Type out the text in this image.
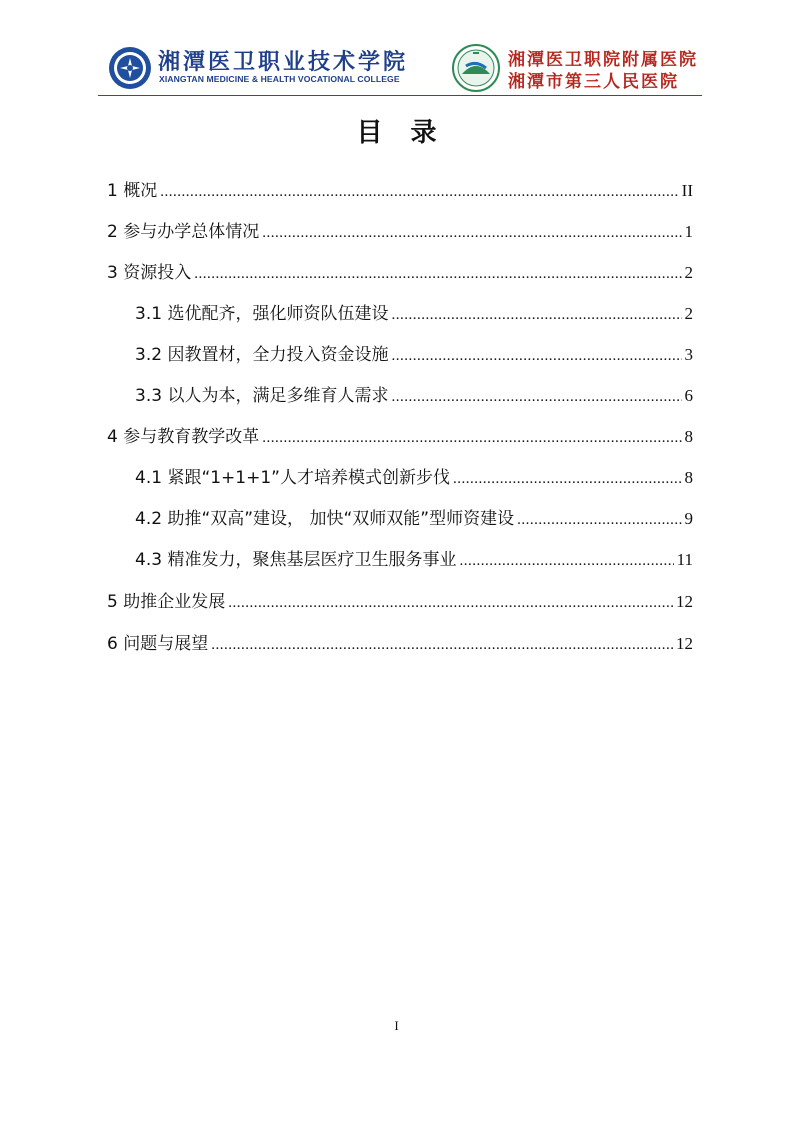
湘潭医卫职业技术学院
XIANGTAN MEDICINE & HEALTH VOCATIONAL COLLEGE
湘潭医卫职院附属医院
湘潭市第三人民医院
目 录
1 概况 .....	II
2 参与办学总体情况 .....	1
3 资源投入 .....	2
3.1 选优配齐，强化师资队伍建设 .....	2
3.2 因教置材，全力投入资金设施 .....	3
3.3 以人为本，满足多维育人需求 .....	6
4 参与教育教学改革 .....	8
4.1 紧跟“1+1+1”人才培养模式创新步伐 .....	8
4.2 助推“双高”建设， 加快“双师双能”型师资建设 .....	9
4.3 精准发力，聚焦基层医疗卫生服务事业 .....	11
5 助推企业发展 .....	12
6 问题与展望 .....	12
I
